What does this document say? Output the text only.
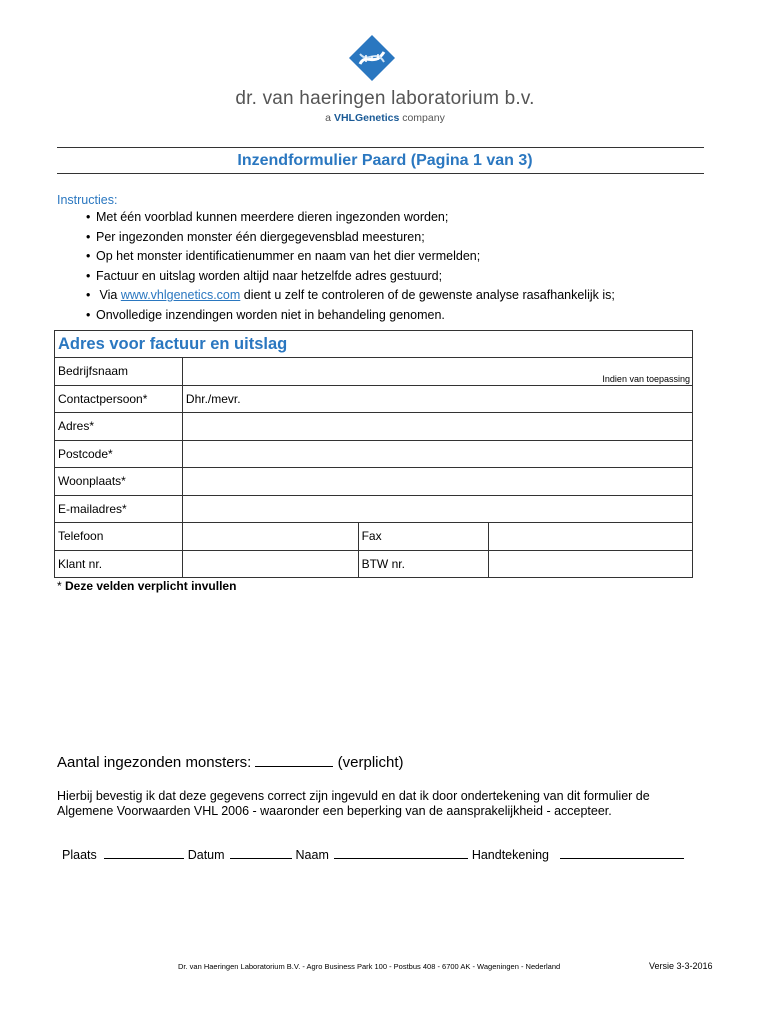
dr. van haeringen laboratorium b.v.
a VHLGenetics company
Inzendformulier Paard (Pagina 1 van 3)
Instructies:
• Met één voorblad kunnen meerdere dieren ingezonden worden;
• Per ingezonden monster één diergegevensblad meesturen;
• Op het monster identificatienummer en naam van het dier vermelden;
• Factuur en uitslag worden altijd naar hetzelfde adres gestuurd;
• Via www.vhlgenetics.com dient u zelf te controleren of de gewenste analyse rasafhankelijk is;
• Onvolledige inzendingen worden niet in behandeling genomen.
Adres voor factuur en uitslag			
Bedrijfsnaam	Indien van toepassing		

Contactpersoon*	Dhr./mevr.		
Adres*			
Postcode*			
Woonplaats*			
E-mailadres*			
Telefoon		Fax	
Klant nr.		BTW nr.	
* Deze velden verplicht invullen
Aantal ingezonden monsters:	(verplicht)
Hierbij bevestig ik dat deze gegevens correct zijn ingevuld en dat ik door ondertekening van dit formulier de Algemene Voorwaarden VHL 2006 - waaronder een beperking van de aansprakelijkheid - accepteer.
Plaats	Datum	Naam	Handtekening
Dr. van Haeringen Laboratorium B.V. - Agro Business Park 100 - Postbus 408 - 6700 AK - Wageningen - Nederland	Versie 3-3-2016
